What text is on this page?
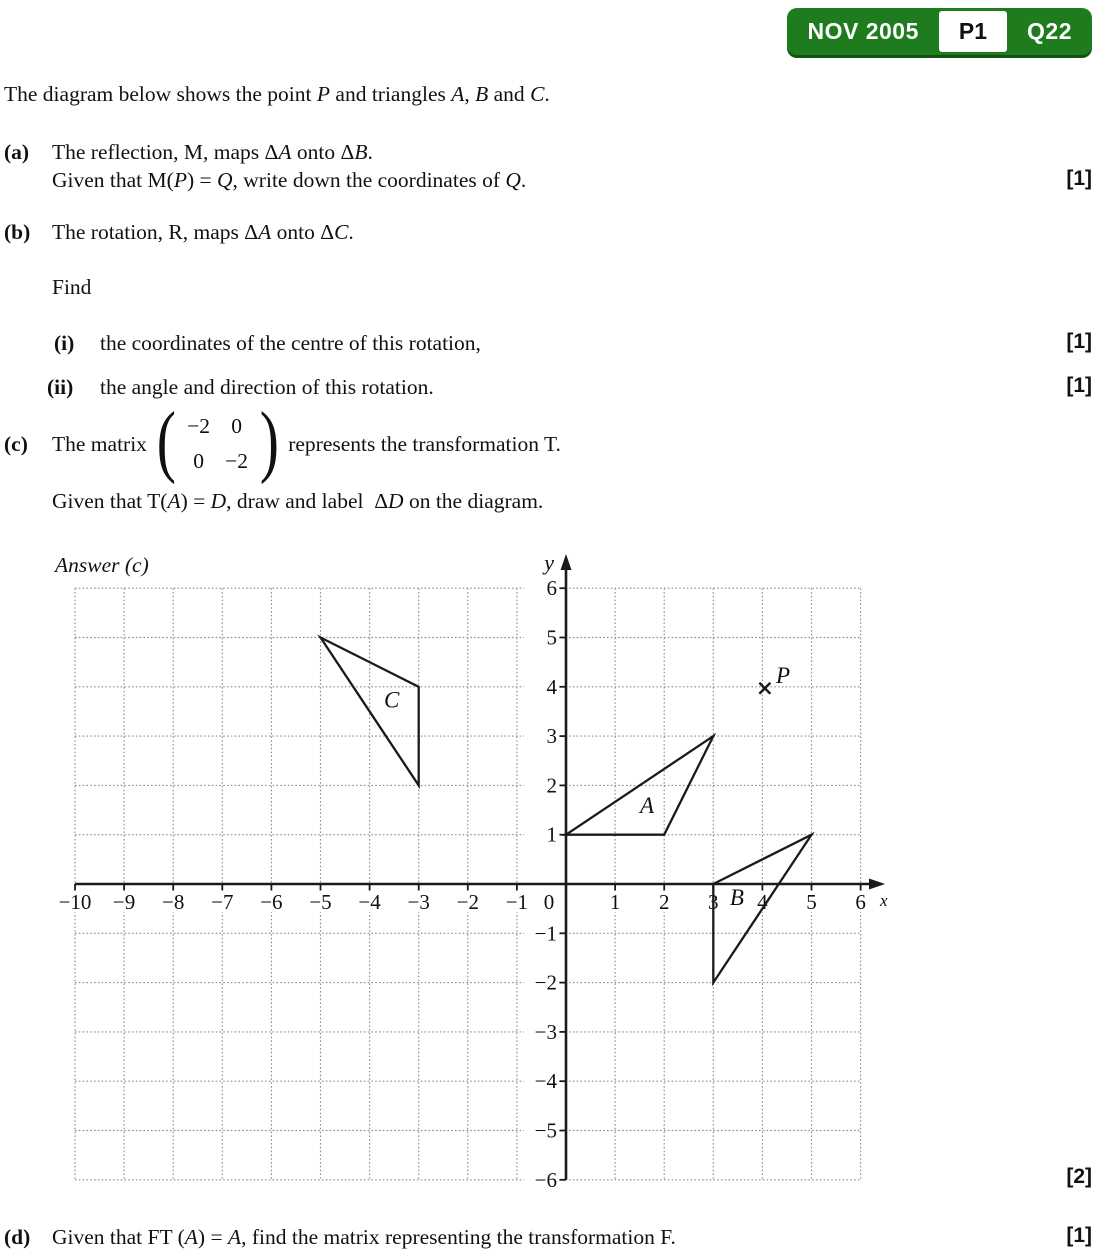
NOV 2005	P1	Q22
The diagram below shows the point P and triangles A, B and C.
(a) The reflection, M, maps ΔA onto ΔB.
Given that M(P) = Q, write down the coordinates of Q.	[1]
(b) The rotation, R, maps ΔA onto ΔC.
Find
(i) the coordinates of the centre of this rotation,	[1]
(ii) the angle and direction of this rotation.	[1]
(c)	The matrix ( −2 0
0 −2 ) represents the transformation T.
Given that T(A) = D, draw and label  ΔD on the diagram.
Answer (c)
−10 −9 −8 −7 −6 −5 −4 −3 −2 −1	1 2 3 4 5 6
6
5
4
3
2
1
−1
−2
−3
−4
−5
−6
0
y
x
A
B
C
P
[2]
(d) Given that FT (A) = A, find the matrix representing the transformation F.	[1]
